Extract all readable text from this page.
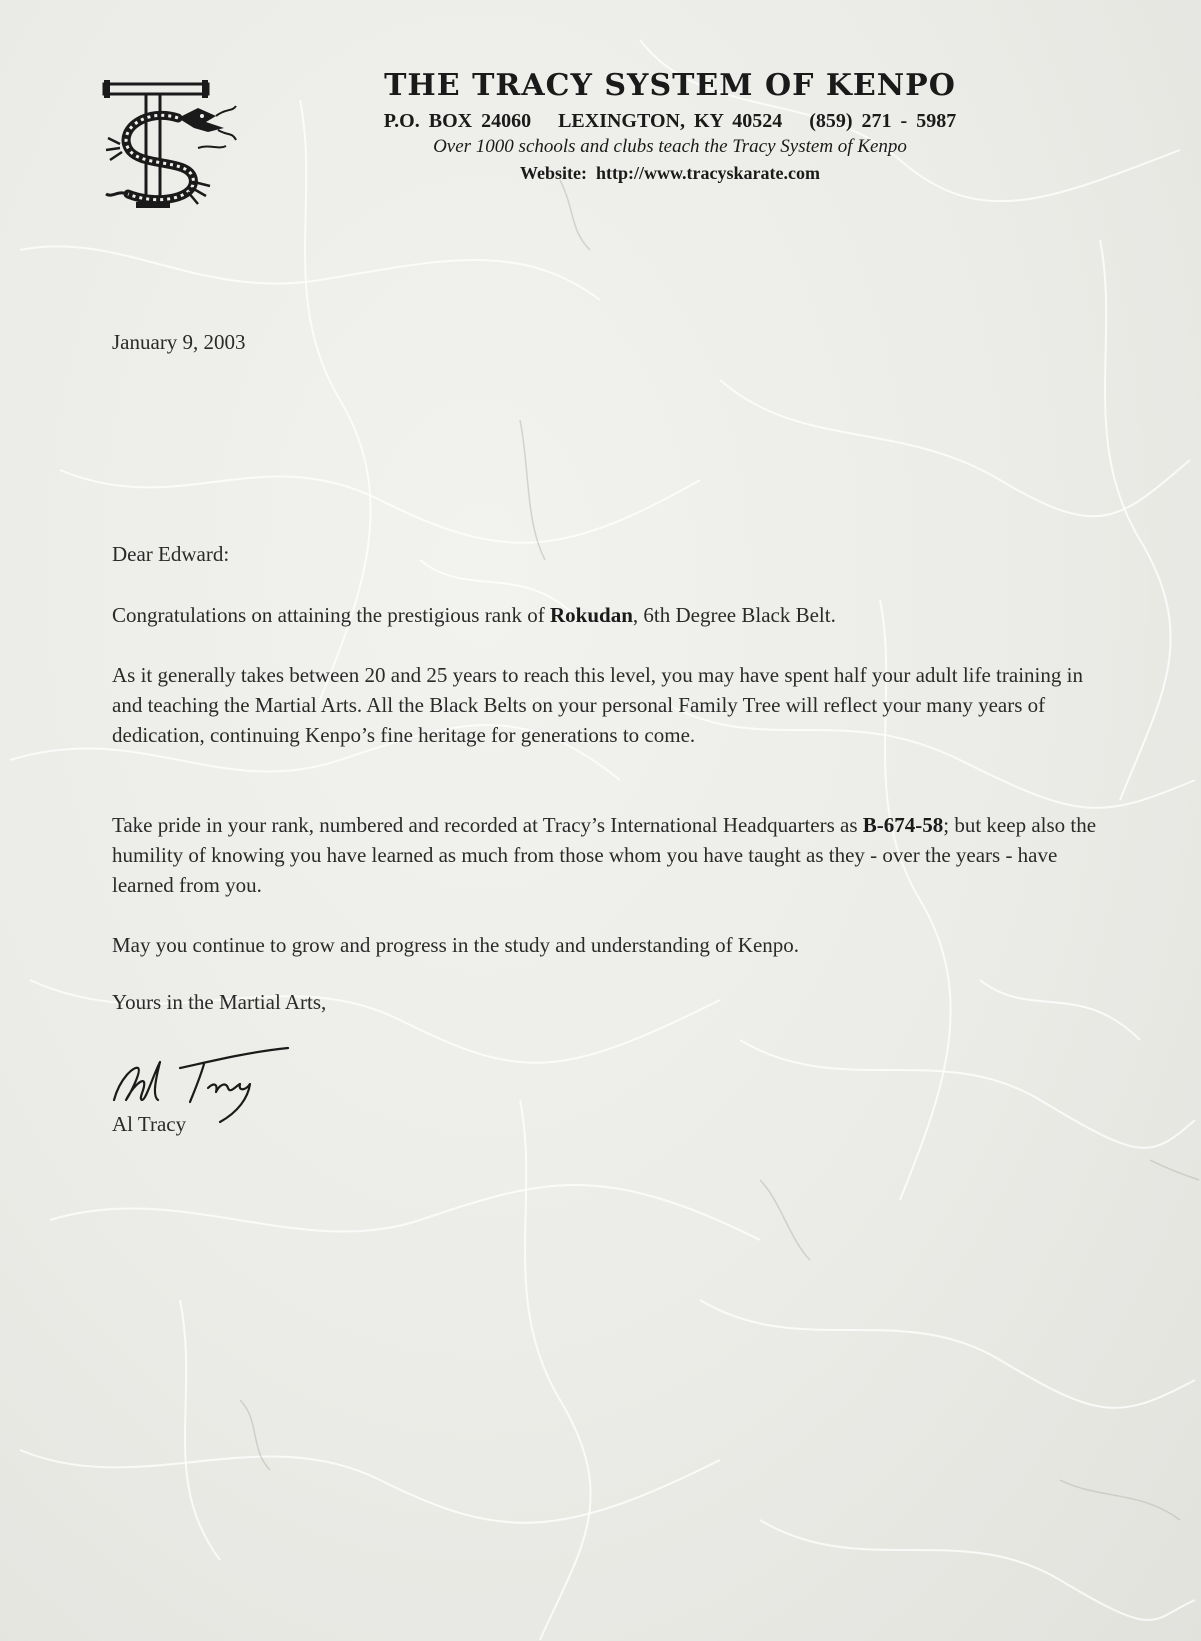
THE TRACY SYSTEM OF KENPO
P.O. BOX 24060   LEXINGTON, KY 40524   (859) 271 - 5987
Over 1000 schools and clubs teach the Tracy System of Kenpo
Website:  http://www.tracyskarate.com
January 9, 2003
Dear Edward:
Congratulations on attaining the prestigious rank of Rokudan, 6th Degree Black Belt.
As it generally takes between 20 and 25 years to reach this level, you may have spent half your adult life training in and teaching the Martial Arts. All the Black Belts on your personal Family Tree will reflect your many years of dedication, continuing Kenpo’s fine heritage for generations to come.
Take pride in your rank, numbered and recorded at Tracy’s International Headquarters as B-674-58; but keep also the humility of knowing you have learned as much from those whom you have taught as they - over the years - have learned from you.
May you continue to grow and progress in the study and understanding of Kenpo.
Yours in the Martial Arts,
Al Tracy
